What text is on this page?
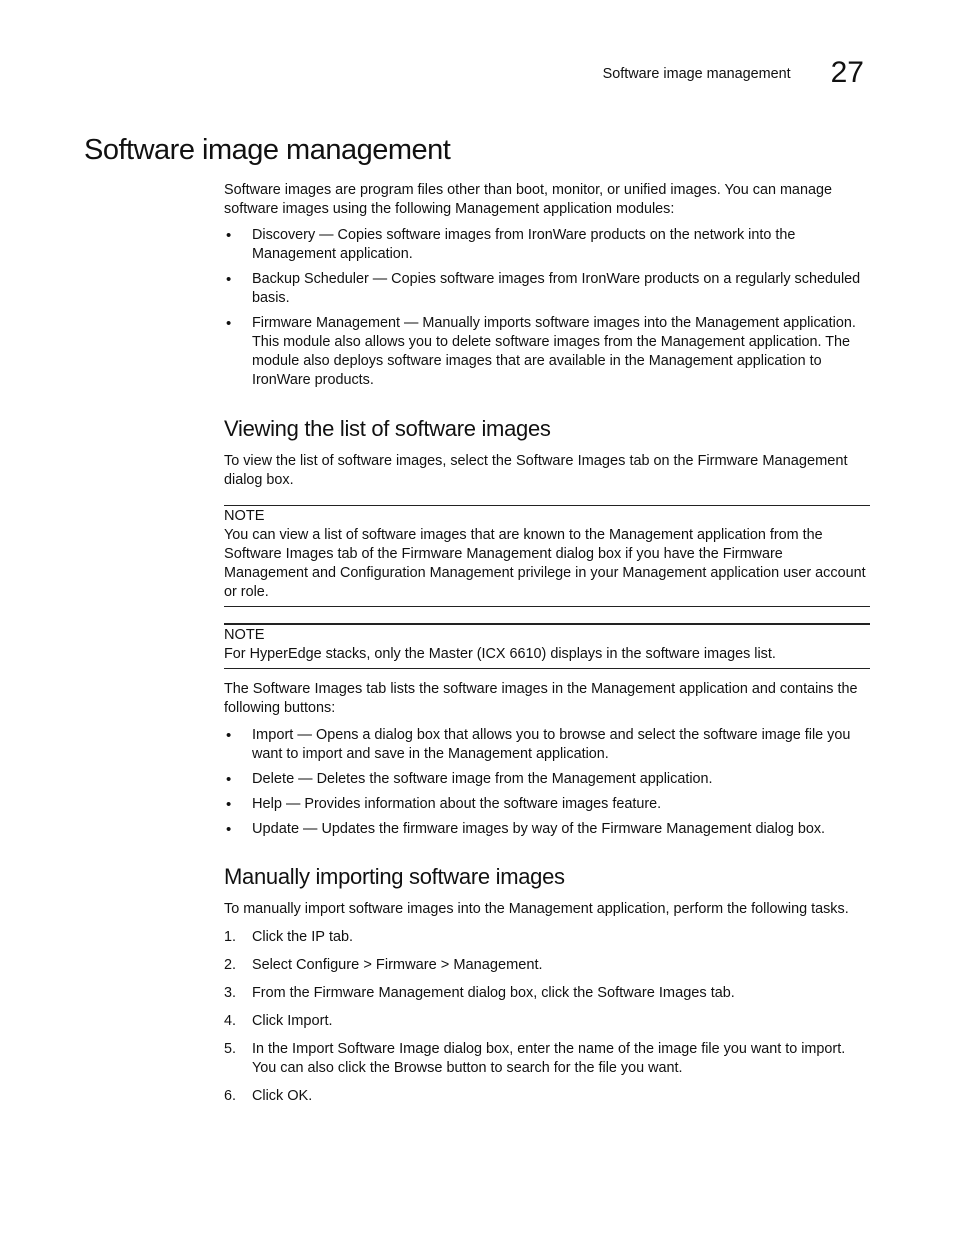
Software image management 27
Software image management

Software images are program files other than boot, monitor, or unified images. You can manage software images using the following Management application modules:

• Discovery — Copies software images from IronWare products on the network into the Management application.
• Backup Scheduler — Copies software images from IronWare products on a regularly scheduled basis.
• Firmware Management — Manually imports software images into the Management application. This module also allows you to delete software images from the Management application. The module also deploys software images that are available in the Management application to IronWare products.
Viewing the list of software images

To view the list of software images, select the Software Images tab on the Firmware Management dialog box.

NOTE

You can view a list of software images that are known to the Management application from the Software Images tab of the Firmware Management dialog box if you have the Firmware Management and Configuration Management privilege in your Management application user account or role.

NOTE

For HyperEdge stacks, only the Master (ICX 6610) displays in the software images list.

The Software Images tab lists the software images in the Management application and contains the following buttons:

• Import — Opens a dialog box that allows you to browse and select the software image file you want to import and save in the Management application.
• Delete — Deletes the software image from the Management application.
• Help — Provides information about the software images feature.
• Update — Updates the firmware images by way of the Firmware Management dialog box.
Manually importing software images

To manually import software images into the Management application, perform the following tasks.

1. Click the IP tab.
2. Select Configure > Firmware > Management.
3. From the Firmware Management dialog box, click the Software Images tab.
4. Click Import.
5. In the Import Software Image dialog box, enter the name of the image file you want to import. You can also click the Browse button to search for the file you want.
6. Click OK.
